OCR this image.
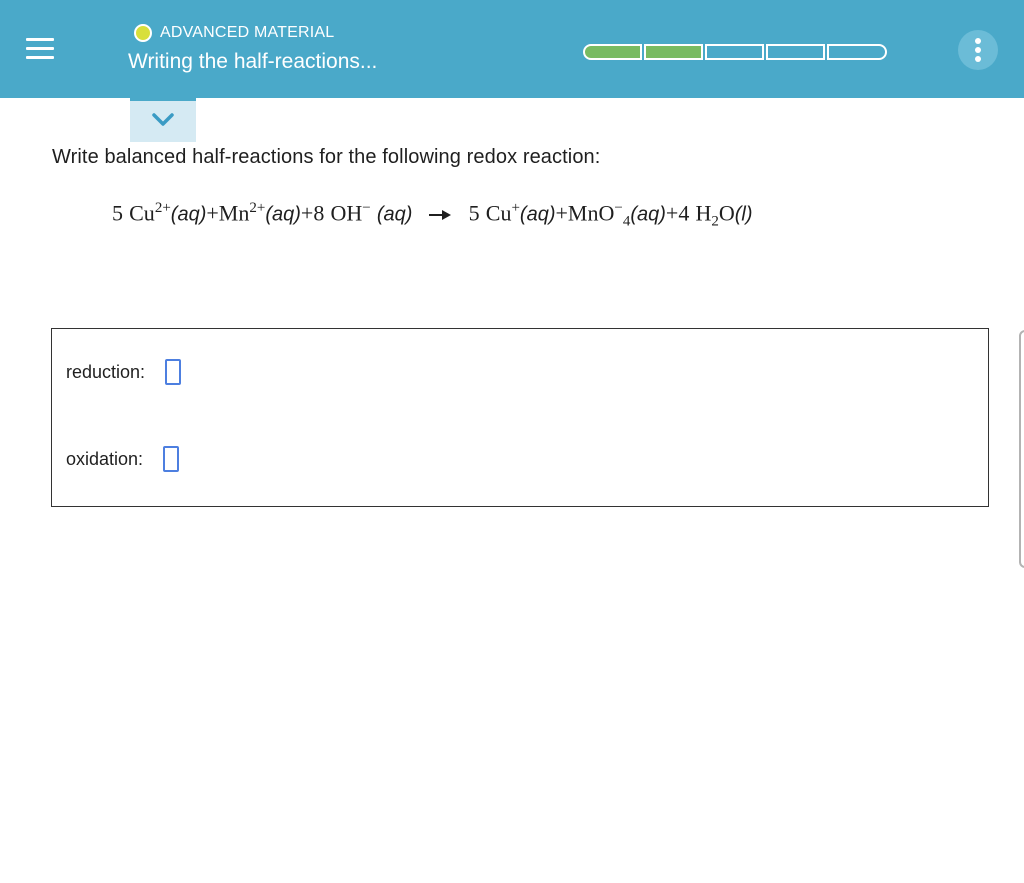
ADVANCED MATERIAL
Writing the half-reactions...
Write balanced half-reactions for the following redox reaction:
5 $Cu^{2+}(aq)+Mn^{2+}(aq)+8$ OH− (aq) → 5 Cu+(aq)+MnO−$_4$(aq)+4 $H_2O(l)$
reduction:
oxidation:
